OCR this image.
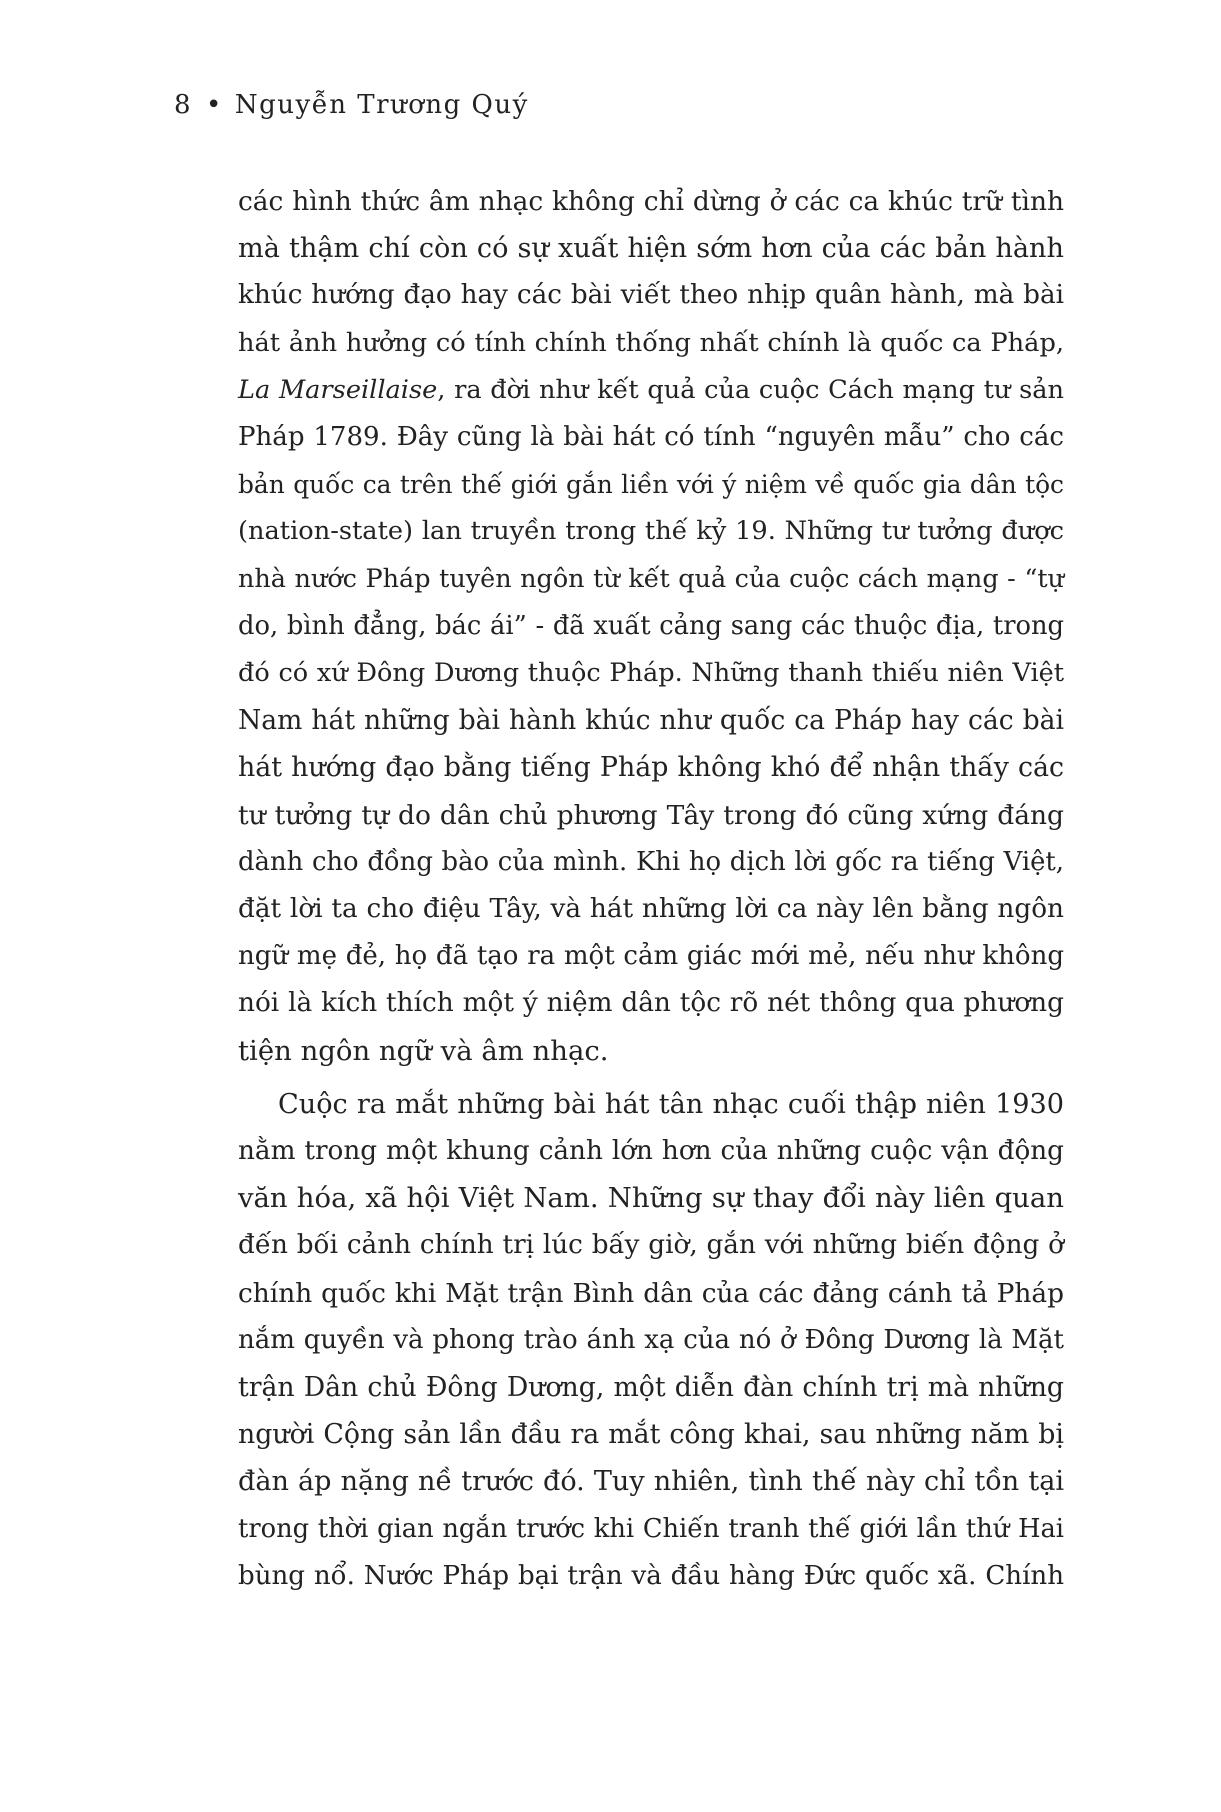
8 • Nguyễn Trương Quý

các hình thức âm nhạc không chỉ dừng ở các ca khúc trữ tình
mà thậm chí còn có sự xuất hiện sớm hơn của các bản hành
khúc hướng đạo hay các bài viết theo nhịp quân hành, mà bài
hát ảnh hưởng có tính chính thống nhất chính là quốc ca Pháp,
La Marseillaise, ra đời như kết quả của cuộc Cách mạng tư sản
Pháp 1789. Đây cũng là bài hát có tính “nguyên mẫu” cho các
bản quốc ca trên thế giới gắn liền với ý niệm về quốc gia dân tộc
(nation-state) lan truyền trong thế kỷ 19. Những tư tưởng được
nhà nước Pháp tuyên ngôn từ kết quả của cuộc cách mạng - “tự
do, bình đẳng, bác ái” - đã xuất cảng sang các thuộc địa, trong
đó có xứ Đông Dương thuộc Pháp. Những thanh thiếu niên Việt
Nam hát những bài hành khúc như quốc ca Pháp hay các bài
hát hướng đạo bằng tiếng Pháp không khó để nhận thấy các
tư tưởng tự do dân chủ phương Tây trong đó cũng xứng đáng
dành cho đồng bào của mình. Khi họ dịch lời gốc ra tiếng Việt,
đặt lời ta cho điệu Tây, và hát những lời ca này lên bằng ngôn
ngữ mẹ đẻ, họ đã tạo ra một cảm giác mới mẻ, nếu như không
nói là kích thích một ý niệm dân tộc rõ nét thông qua phương
tiện ngôn ngữ và âm nhạc.

Cuộc ra mắt những bài hát tân nhạc cuối thập niên 1930
nằm trong một khung cảnh lớn hơn của những cuộc vận động
văn hóa, xã hội Việt Nam. Những sự thay đổi này liên quan
đến bối cảnh chính trị lúc bấy giờ, gắn với những biến động ở
chính quốc khi Mặt trận Bình dân của các đảng cánh tả Pháp
nắm quyền và phong trào ánh xạ của nó ở Đông Dương là Mặt
trận Dân chủ Đông Dương, một diễn đàn chính trị mà những
người Cộng sản lần đầu ra mắt công khai, sau những năm bị
đàn áp nặng nề trước đó. Tuy nhiên, tình thế này chỉ tồn tại
trong thời gian ngắn trước khi Chiến tranh thế giới lần thứ Hai
bùng nổ. Nước Pháp bại trận và đầu hàng Đức quốc xã. Chính
